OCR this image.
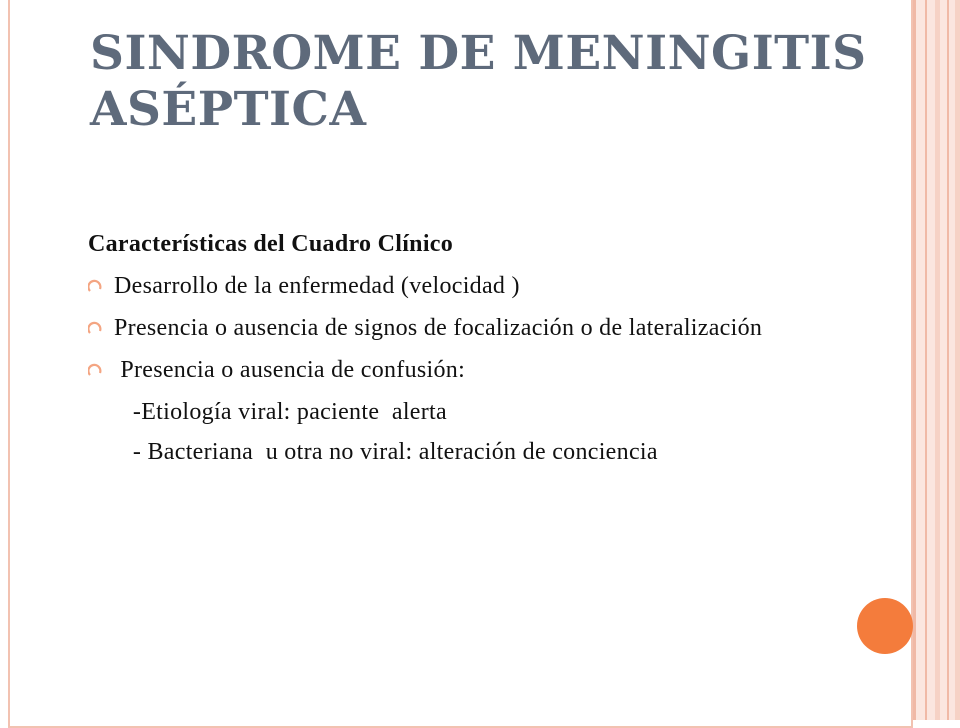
SINDROME DE MENINGITIS ASÉPTICA
Características del Cuadro Clínico
Desarrollo de la enfermedad (velocidad )
Presencia o ausencia de signos de focalización o de lateralización
Presencia o ausencia de confusión:
-Etiología viral: paciente  alerta
- Bacteriana  u otra no viral: alteración de conciencia
